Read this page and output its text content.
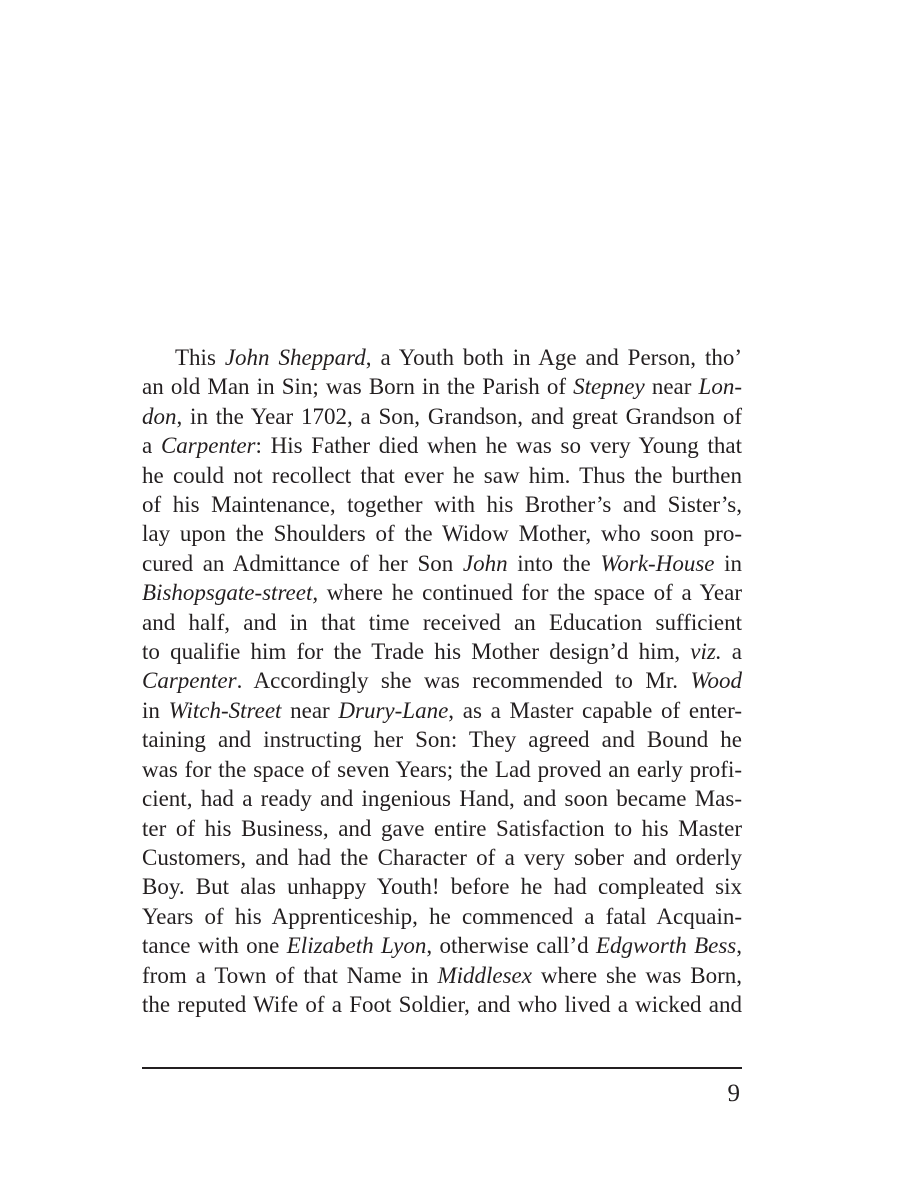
This John Sheppard, a Youth both in Age and Person, tho’
an old Man in Sin; was Born in the Parish of Stepney near Lon-
don, in the Year 1702, a Son, Grandson, and great Grandson of
a Carpenter: His Father died when he was so very Young that
he could not recollect that ever he saw him. Thus the burthen
of his Maintenance, together with his Brother’s and Sister’s,
lay upon the Shoulders of the Widow Mother, who soon pro-
cured an Admittance of her Son John into the Work-House in
Bishopsgate-street, where he continued for the space of a Year
and half, and in that time received an Education sufficient
to qualifie him for the Trade his Mother design’d him, viz. a
Carpenter. Accordingly she was recommended to Mr. Wood
in Witch-Street near Drury-Lane, as a Master capable of enter-
taining and instructing her Son: They agreed and Bound he
was for the space of seven Years; the Lad proved an early profi-
cient, had a ready and ingenious Hand, and soon became Mas-
ter of his Business, and gave entire Satisfaction to his Master
Customers, and had the Character of a very sober and orderly
Boy. But alas unhappy Youth! before he had compleated six
Years of his Apprenticeship, he commenced a fatal Acquain-
tance with one Elizabeth Lyon, otherwise call’d Edgworth Bess,
from a Town of that Name in Middlesex where she was Born,
the reputed Wife of a Foot Soldier, and who lived a wicked and
9
